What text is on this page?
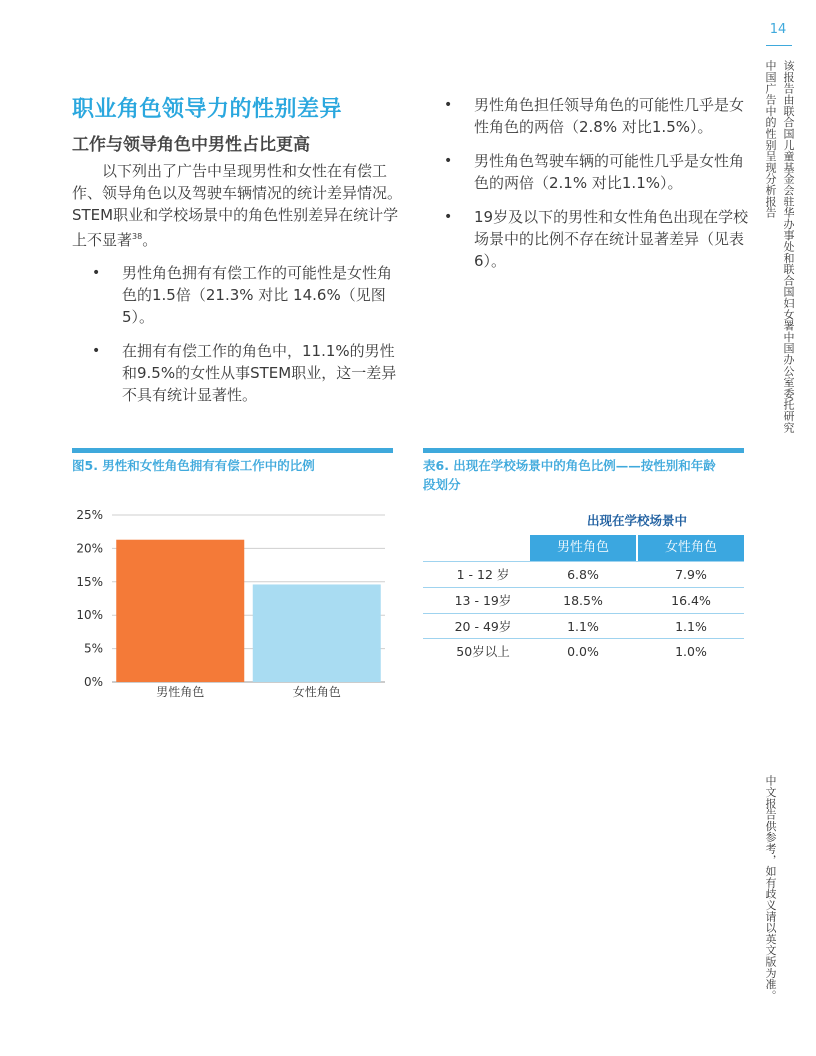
14
中国广告中的性别呈现分析报告 该报告由联合国儿童基金会驻华办事处和联合国妇女署中国办公室委托研究
中文报告供参考，如有歧义请以英文版为准。
职业角色领导力的性别差异
工作与领导角色中男性占比更高
以下列出了广告中呈现男性和女性在有偿工作、领导角色以及驾驶车辆情况的统计差异情况。STEM职业和学校场景中的角色性别差异在统计学上不显著$^{38}$。
• 男性角色拥有有偿工作的可能性是女性角色的1.5倍（21.3% 对比 14.6%（见图5）。
• 在拥有有偿工作的角色中，11.1%的男性和9.5%的女性从事STEM职业，这一差异不具有统计显著性。
• 男性角色担任领导角色的可能性几乎是女性角色的两倍（2.8% 对比1.5%）。
• 男性角色驾驶车辆的可能性几乎是女性角色的两倍（2.1% 对比1.1%）。
• 19岁及以下的男性和女性角色出现在学校场景中的比例不存在统计显著差异（见表6）。
图5. 男性和女性角色拥有有偿工作中的比例
0%
5%
10%
15%
20%
25%
男性角色	女性角色
表6. 出现在学校场景中的角色比例——按性别和年龄
段划分
出现在学校场景中
男性角色	女性角色
1 - 12 岁	6.8%	7.9%
13 - 19岁	18.5%	16.4%
20 - 49岁	1.1%	1.1%
50岁以上	0.0%	1.0%
